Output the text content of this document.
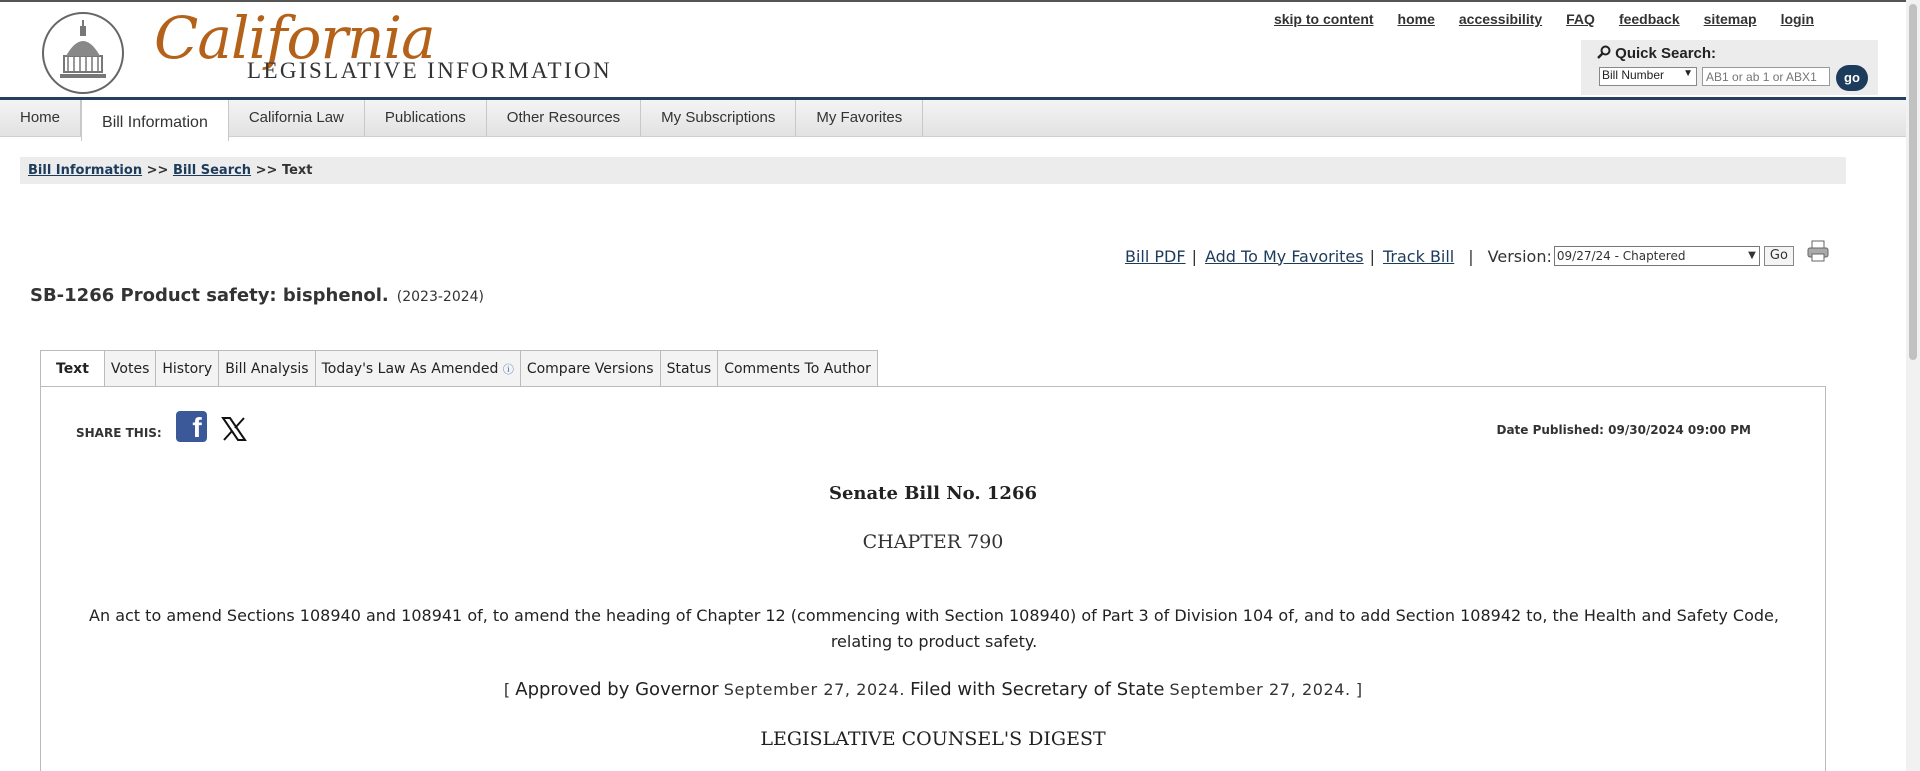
California
LEGISLATIVE INFORMATION
skip to content home accessibility FAQ feedback sitemap login
Quick Search:
Bill Number ▼
AB1 or ab 1 or ABX1	go
Home	Bill Information	California Law	Publications	Other Resources	My Subscriptions	My Favorites
Bill Information >> Bill Search >> Text
Bill PDF | Add To My Favorites | Track Bill | Version: 09/27/24 - Chaptered	▼	Go
SB-1266 Product safety: bisphenol. (2023-2024)
Text	Votes History Bill Analysis Today's Law As Amended ⓘ Compare Versions Status Comments To Author
SHARE THIS: f	Date Published: 09/30/2024 09:00 PM
Senate Bill No. 1266
CHAPTER 790
An act to amend Sections 108940 and 108941 of, to amend the heading of Chapter 12 (commencing with Section 108940) of Part 3 of Division 104 of, and to add Section 108942 to, the Health and Safety Code, relating to product safety.
[ Approved by Governor September 27, 2024. Filed with Secretary of State September 27, 2024. ]
LEGISLATIVE COUNSEL'S DIGEST
